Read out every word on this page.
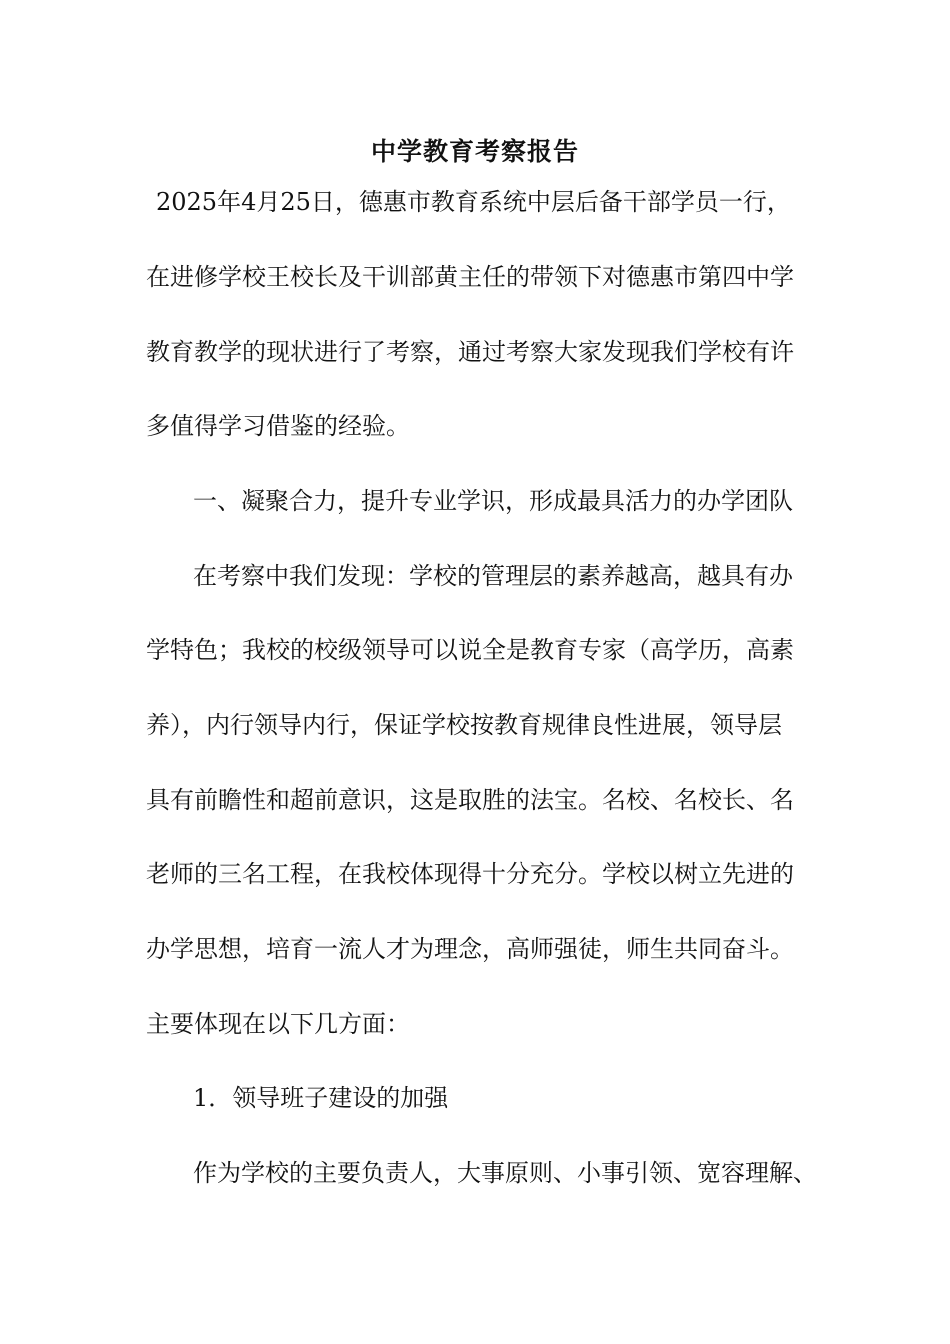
中学教育考察报告
2025年4月25日，德惠市教育系统中层后备干部学员一行，
在进修学校王校长及干训部黄主任的带领下对德惠市第四中学
教育教学的现状进行了考察，通过考察大家发现我们学校有许
多值得学习借鉴的经验。
一、凝聚合力，提升专业学识，形成最具活力的办学团队
在考察中我们发现：学校的管理层的素养越高，越具有办
学特色；我校的校级领导可以说全是教育专家（高学历，高素
养），内行领导内行，保证学校按教育规律良性进展，领导层
具有前瞻性和超前意识，这是取胜的法宝。名校、名校长、名
老师的三名工程，在我校体现得十分充分。学校以树立先进的
办学思想，培育一流人才为理念，高师强徒，师生共同奋斗。
主要体现在以下几方面：
1．领导班子建设的加强
作为学校的主要负责人，大事原则、小事引领、宽容理解、
